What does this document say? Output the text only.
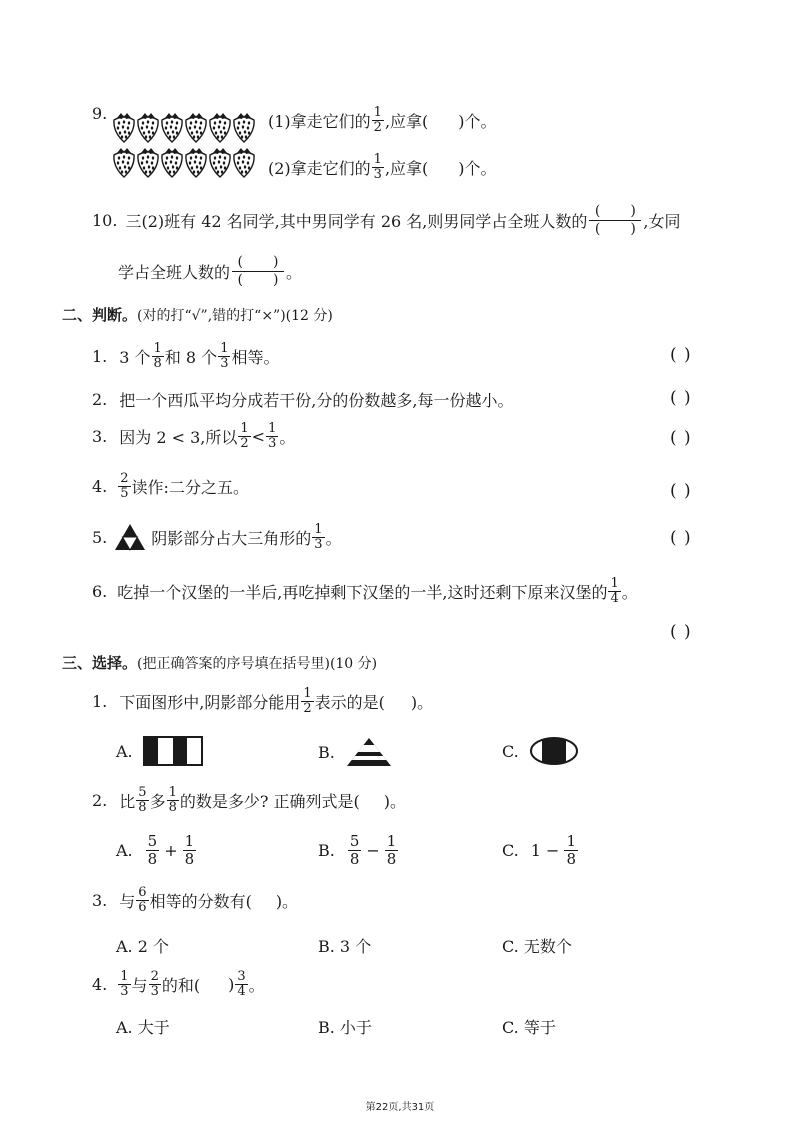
9.	(1)拿走它们的 $\frac{1}{2}$ ,应拿( )个。
(2)拿走它们的 $\frac{1}{3}$ ,应拿( )个。
10. 三(2)班有 42 名同学,其中男同学有 26 名,则男同学占全班人数的
( )
( ) ,女同
学占全班人数的
( )
( ) 。
二、判断。(对的打“√”,错的打“×”)(12 分)
1. 3 个 $\frac{1}{8}$ 和 8 个 $\frac{1}{3}$ 相等。	( )
2. 把一个西瓜平均分成若干份,分的份数越多,每一份越小。	( )
3. 因为 2 < 3,所以 $\frac{1}{2} < \frac{1}{3}$ 。	( )
4. $\frac{2}{5}$ 读作:二分之五。	( )
5.	阴影部分占大三角形的 $\frac{1}{3}$ 。	( )
6. 吃掉一个汉堡的一半后,再吃掉剩下汉堡的一半,这时还剩下原来汉堡的 $\frac{1}{4}$ 。
( )
三、选择。(把正确答案的序号填在括号里)(10 分)
1. 下面图形中,阴影部分能用 $\frac{1}{2}$ 表示的是( )。
A.	B.	C.
2. 比 $\frac{5}{8}$ 多 $\frac{1}{8}$ 的数是多少? 正确列式是( )。
A. $\frac{5}{8} + \frac{1}{8}$	B. $\frac{5}{8} - \frac{1}{8}$	C. $1 - \frac{1}{8}$
3. 与 $\frac{6}{6}$ 相等的分数有( )。
A. 2 个	B. 3 个	C. 无数个
4. $\frac{1}{3}$ 与 $\frac{2}{3}$ 的和( ) $\frac{3}{4}$ 。
A. 大于	B. 小于	C. 等于
第22页,共31页
